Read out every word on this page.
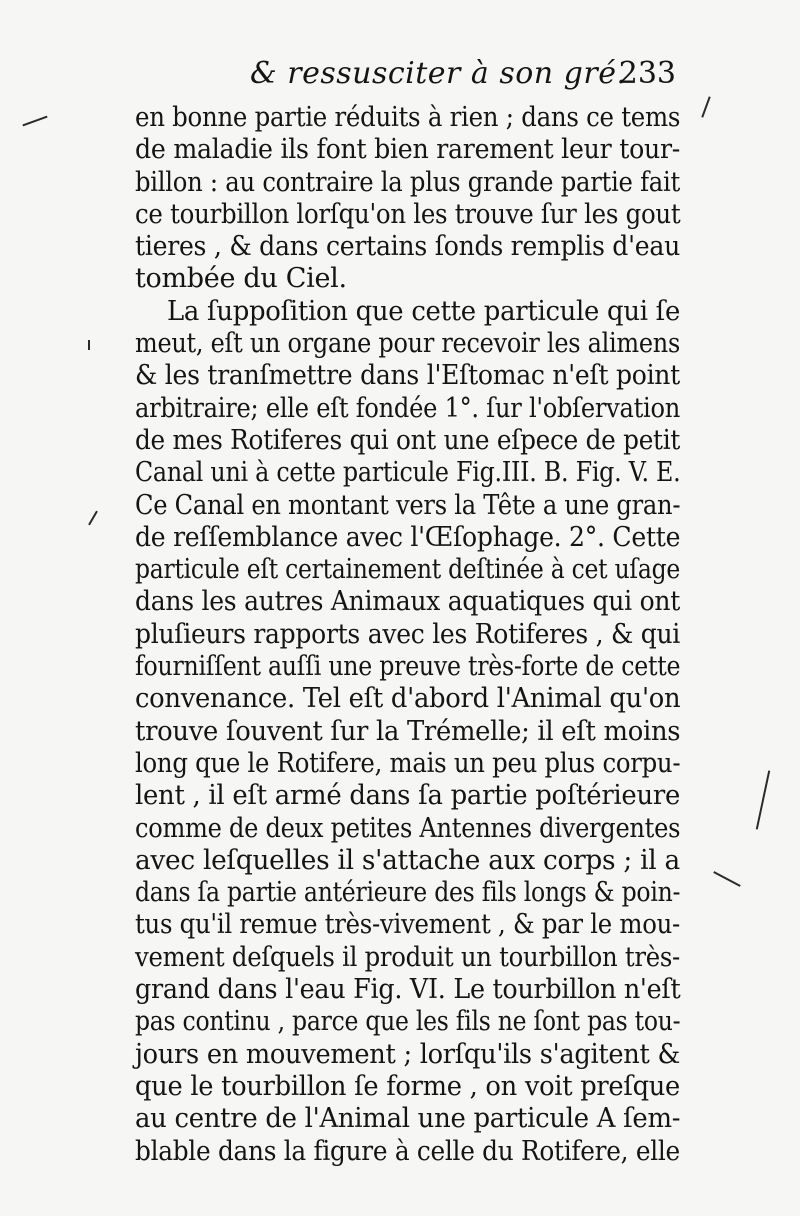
& ressusciter à son gré.
233
en bonne partie réduits à rien ; dans ce tems
de maladie ils font bien rarement leur tour-
billon : au contraire la plus grande partie fait
ce tourbillon lorſqu'on les trouve ſur les gout
tieres , & dans certains ſonds remplis d'eau
tombée du Ciel.
La ſuppoſition que cette particule qui ſe
meut, eſt un organe pour recevoir les alimens
& les tranſmettre dans l'Eſtomac n'eſt point
arbitraire; elle eſt fondée 1°. ſur l'obſervation
de mes Rotiferes qui ont une eſpece de petit
Canal uni à cette particule Fig.III. B. Fig. V. E.
Ce Canal en montant vers la Tête a une gran-
de reſſemblance avec l'Œſophage. 2°. Cette
particule eſt certainement deſtinée à cet uſage
dans les autres Animaux aquatiques qui ont
pluſieurs rapports avec les Rotiferes , & qui
fourniſſent auſſi une preuve très-forte de cette
convenance. Tel eſt d'abord l'Animal qu'on
trouve ſouvent ſur la Trémelle; il eſt moins
long que le Rotifere, mais un peu plus corpu-
lent , il eſt armé dans ſa partie poſtérieure
comme de deux petites Antennes divergentes
avec leſquelles il s'attache aux corps ; il a
dans ſa partie antérieure des fils longs & poin-
tus qu'il remue très-vivement , & par le mou-
vement deſquels il produit un tourbillon très-
grand dans l'eau Fig. VI. Le tourbillon n'eſt
pas continu , parce que les fils ne ſont pas tou-
jours en mouvement ; lorſqu'ils s'agitent &
que le tourbillon ſe forme , on voit preſque
au centre de l'Animal une particule A ſem-
blable dans la figure à celle du Rotifere, elle
